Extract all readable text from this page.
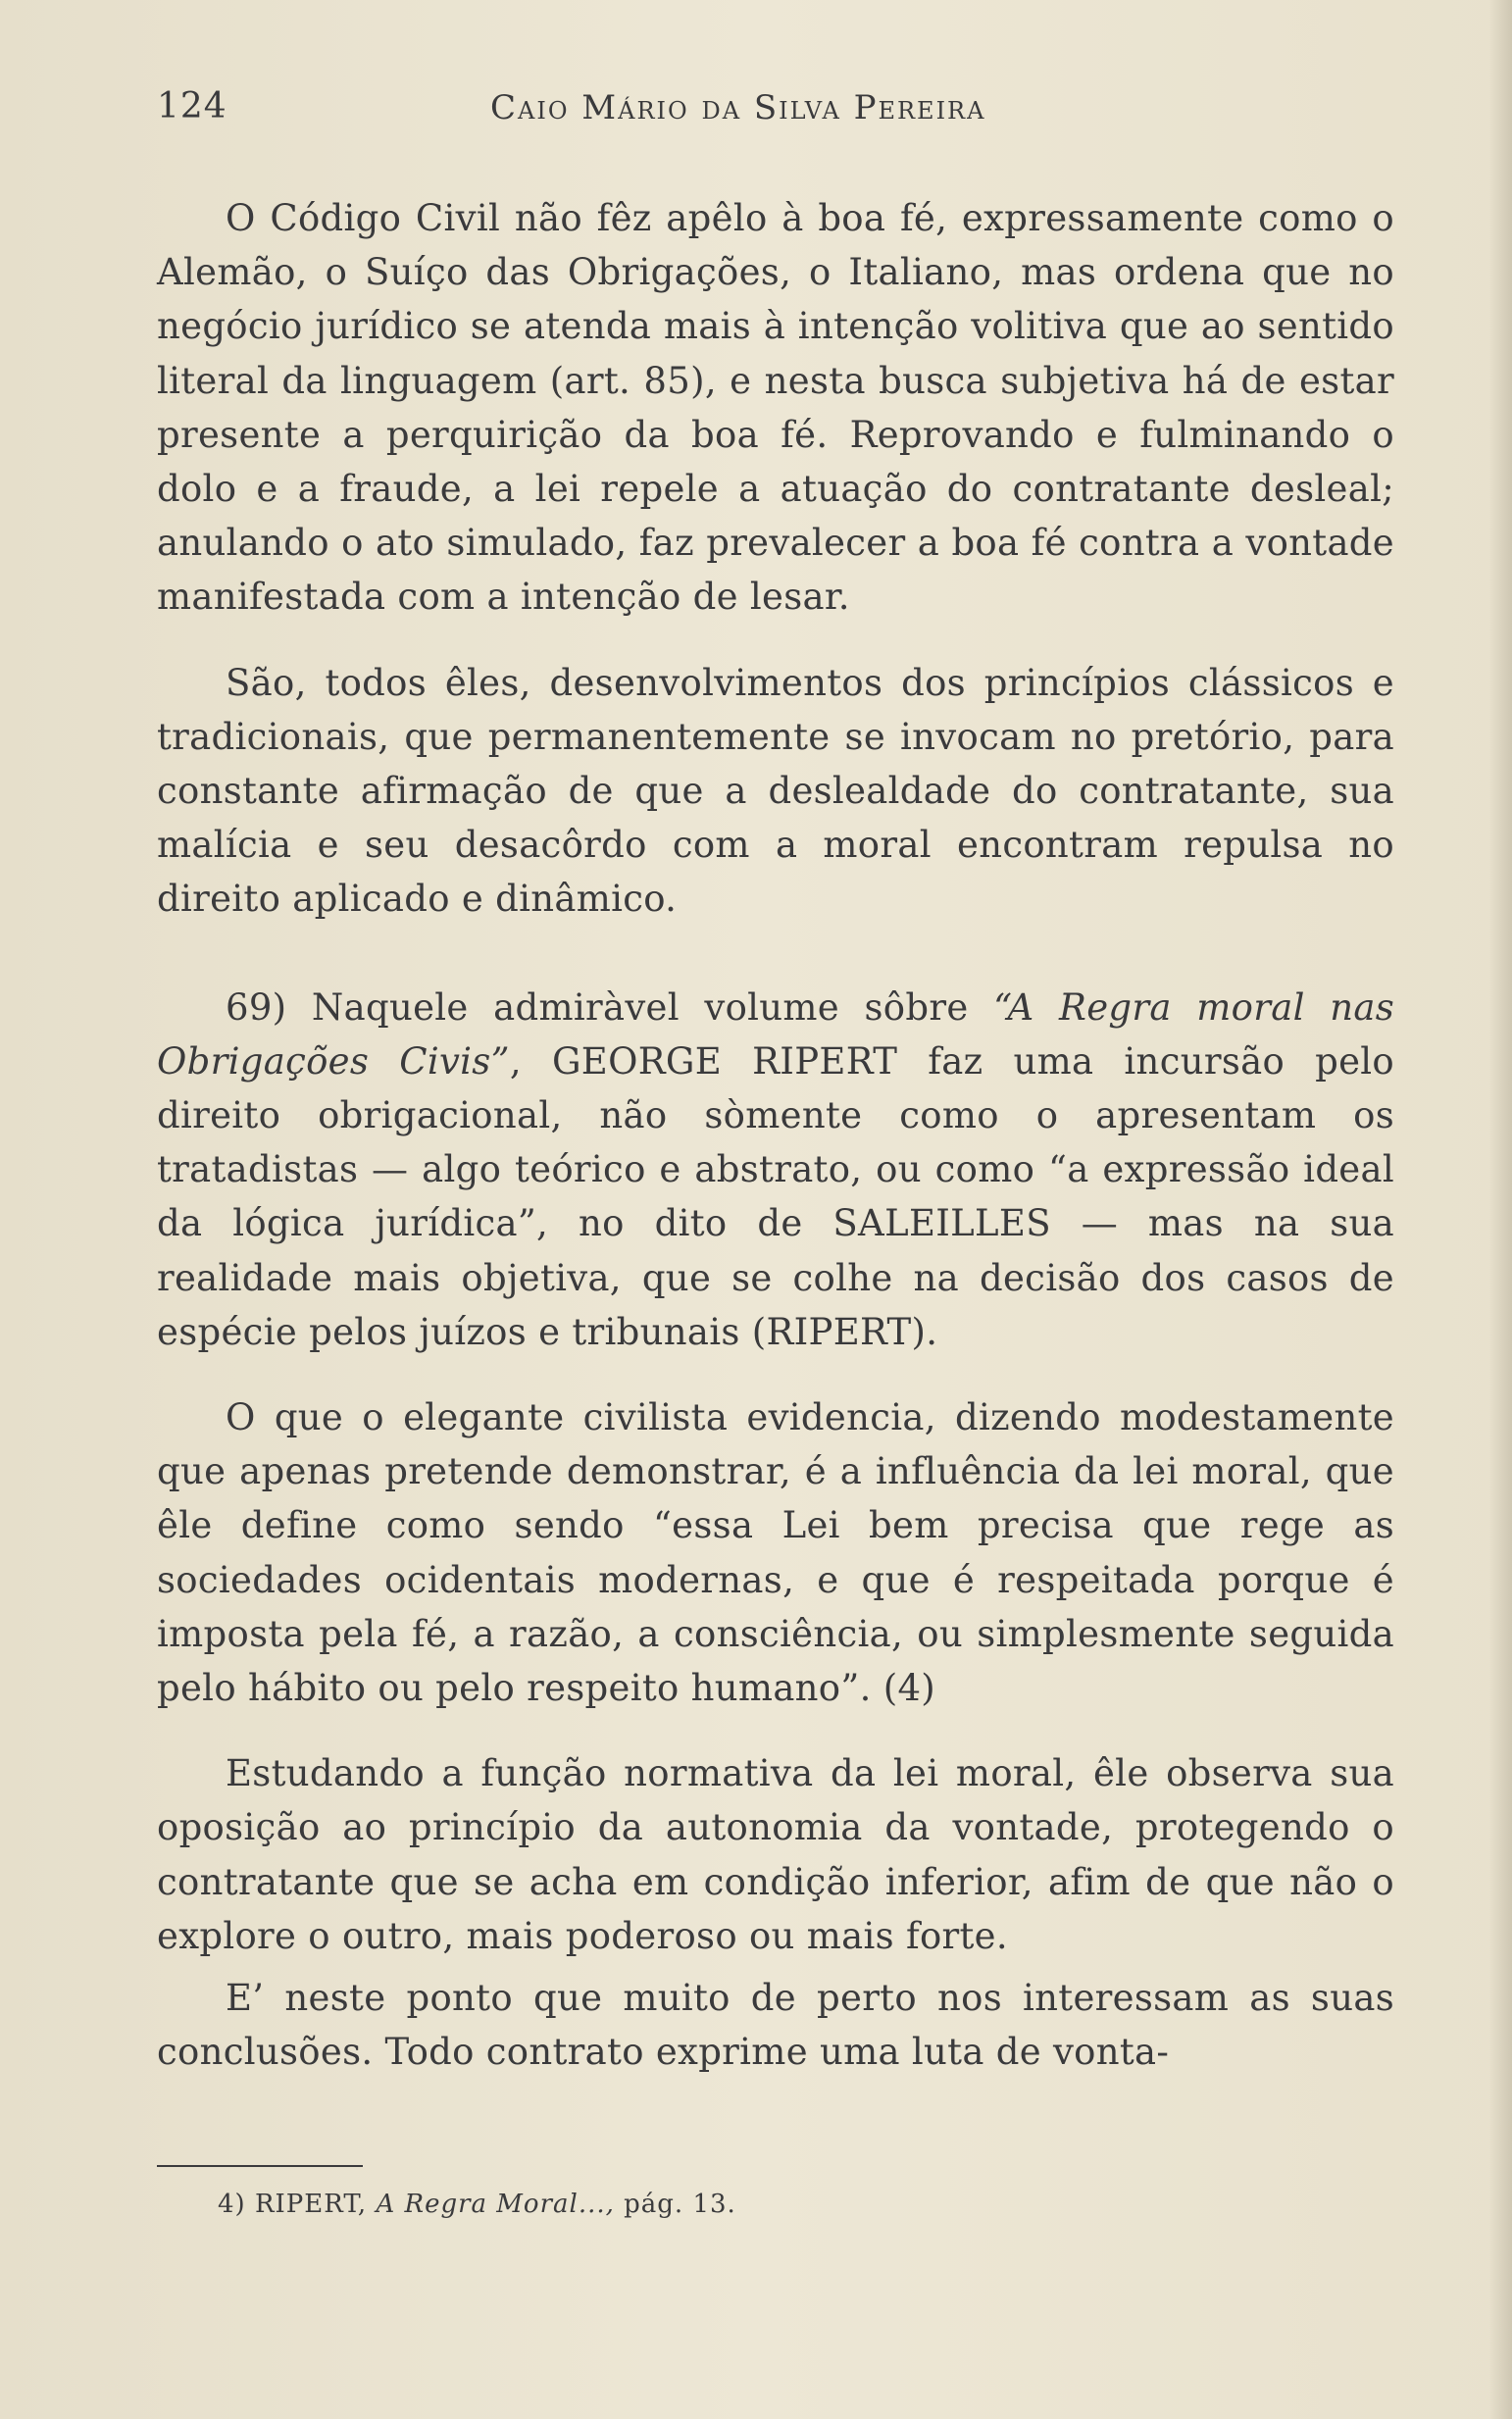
124	Caio Mário da Silva Pereira

O Código Civil não fêz apêlo à boa fé, expressamente como o Alemão, o Suíço das Obrigações, o Italiano, mas ordena que no negócio jurídico se atenda mais à intenção volitiva que ao sentido literal da linguagem (art. 85), e nesta busca subjetiva há de estar presente a perquirição da boa fé. Reprovando e fulminando o dolo e a fraude, a lei repele a atuação do contratante desleal; anulando o ato simulado, faz prevalecer a boa fé contra a vontade manifestada com a intenção de lesar.

São, todos êles, desenvolvimentos dos princípios clássicos e tradicionais, que permanentemente se invocam no pretório, para constante afirmação de que a deslealdade do contratante, sua malícia e seu desacôrdo com a moral encontram repulsa no direito aplicado e dinâmico.

69) Naquele admiràvel volume sôbre “A Regra moral nas Obrigações Civis”, GEORGE RIPERT faz uma incursão pelo direito obrigacional, não sòmente como o apresentam os tratadistas — algo teórico e abstrato, ou como “a expressão ideal da lógica jurídica”, no dito de SALEILLES — mas na sua realidade mais objetiva, que se colhe na decisão dos casos de espécie pelos juízos e tribunais (RIPERT).

O que o elegante civilista evidencia, dizendo modestamente que apenas pretende demonstrar, é a influência da lei moral, que êle define como sendo “essa Lei bem precisa que rege as sociedades ocidentais modernas, e que é respeitada porque é imposta pela fé, a razão, a consciência, ou simplesmente seguida pelo hábito ou pelo respeito humano”. (4)

Estudando a função normativa da lei moral, êle observa sua oposição ao princípio da autonomia da vontade, protegendo o contratante que se acha em condição inferior, afim de que não o explore o outro, mais poderoso ou mais forte.

E’ neste ponto que muito de perto nos interessam as suas conclusões. Todo contrato exprime uma luta de vonta-

4) RIPERT, A Regra Moral..., pág. 13.
